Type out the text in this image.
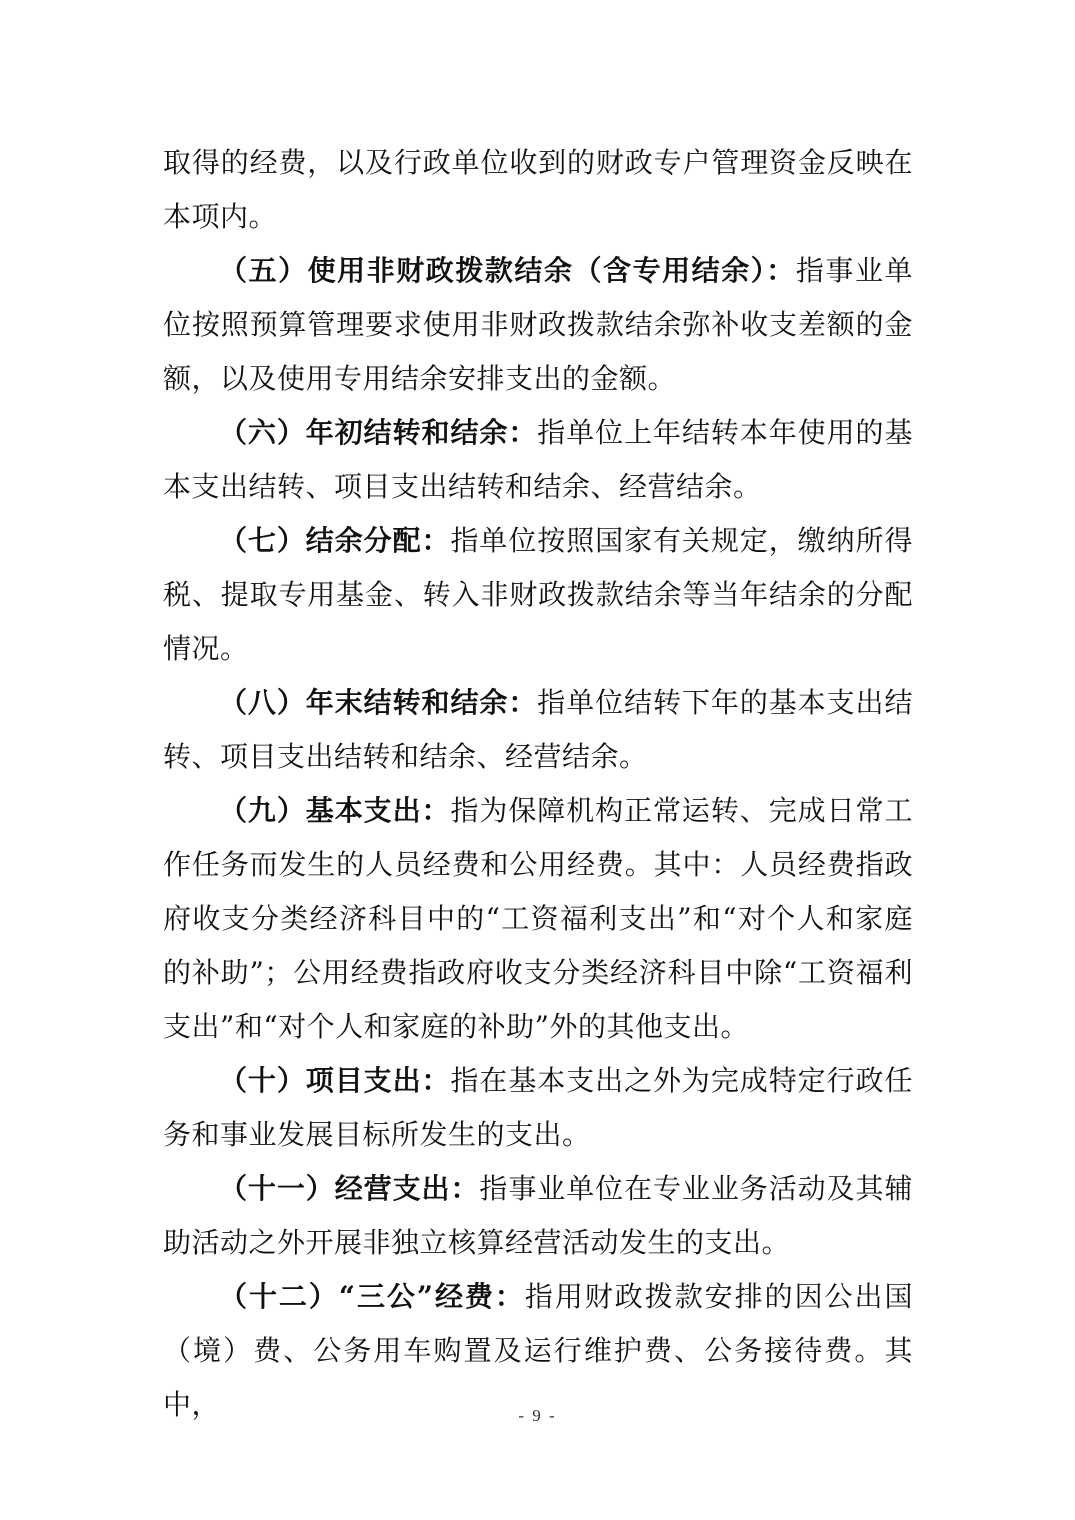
取得的经费，以及行政单位收到的财政专户管理资金反映在本项内。

（五）使用非财政拨款结余（含专用结余）：指事业单位按照预算管理要求使用非财政拨款结余弥补收支差额的金额，以及使用专用结余安排支出的金额。

（六）年初结转和结余：指单位上年结转本年使用的基本支出结转、项目支出结转和结余、经营结余。

（七）结余分配：指单位按照国家有关规定，缴纳所得税、提取专用基金、转入非财政拨款结余等当年结余的分配情况。

（八）年末结转和结余：指单位结转下年的基本支出结转、项目支出结转和结余、经营结余。

（九）基本支出：指为保障机构正常运转、完成日常工作任务而发生的人员经费和公用经费。其中：人员经费指政府收支分类经济科目中的“工资福利支出”和“对个人和家庭的补助”；公用经费指政府收支分类经济科目中除“工资福利支出”和“对个人和家庭的补助”外的其他支出。

（十）项目支出：指在基本支出之外为完成特定行政任务和事业发展目标所发生的支出。

（十一）经营支出：指事业单位在专业业务活动及其辅助活动之外开展非独立核算经营活动发生的支出。

（十二）“三公”经费：指用财政拨款安排的因公出国（境）费、公务用车购置及运行维护费、公务接待费。其中，	- 9 -
